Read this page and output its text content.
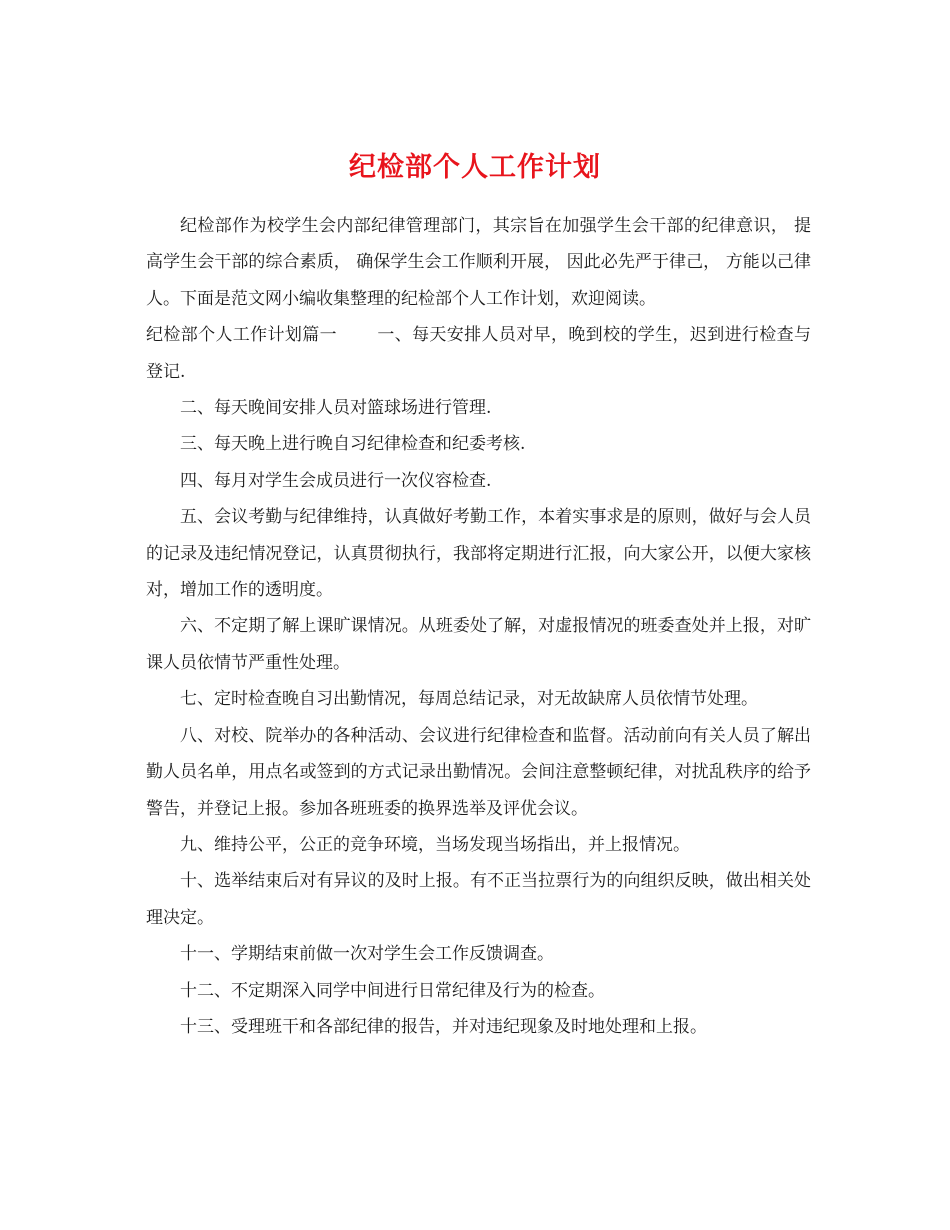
纪检部个人工作计划

纪检部作为校学生会内部纪律管理部门，其宗旨在加强学生会干部的纪律意识， 提高学生会干部的综合素质， 确保学生会工作顺利开展， 因此必先严于律己， 方能以己律人。下面是范文网小编收集整理的纪检部个人工作计划，欢迎阅读。

纪检部个人工作计划篇一 一、每天安排人员对早，晚到校的学生，迟到进行检查与登记.

二、每天晚间安排人员对篮球场进行管理.

三、每天晚上进行晚自习纪律检查和纪委考核.

四、每月对学生会成员进行一次仪容检查.

五、会议考勤与纪律维持，认真做好考勤工作，本着实事求是的原则，做好与会人员的记录及违纪情况登记，认真贯彻执行，我部将定期进行汇报，向大家公开，以便大家核对，增加工作的透明度。

六、不定期了解上课旷课情况。从班委处了解，对虚报情况的班委查处并上报，对旷课人员依情节严重性处理。

七、定时检查晚自习出勤情况，每周总结记录，对无故缺席人员依情节处理。

八、对校、院举办的各种活动、会议进行纪律检查和监督。活动前向有关人员了解出勤人员名单，用点名或签到的方式记录出勤情况。会间注意整顿纪律，对扰乱秩序的给予警告，并登记上报。参加各班班委的换界选举及评优会议。

九、维持公平，公正的竞争环境，当场发现当场指出，并上报情况。

十、选举结束后对有异议的及时上报。有不正当拉票行为的向组织反映，做出相关处理决定。

十一、学期结束前做一次对学生会工作反馈调查。

十二、不定期深入同学中间进行日常纪律及行为的检查。

十三、受理班干和各部纪律的报告，并对违纪现象及时地处理和上报。
